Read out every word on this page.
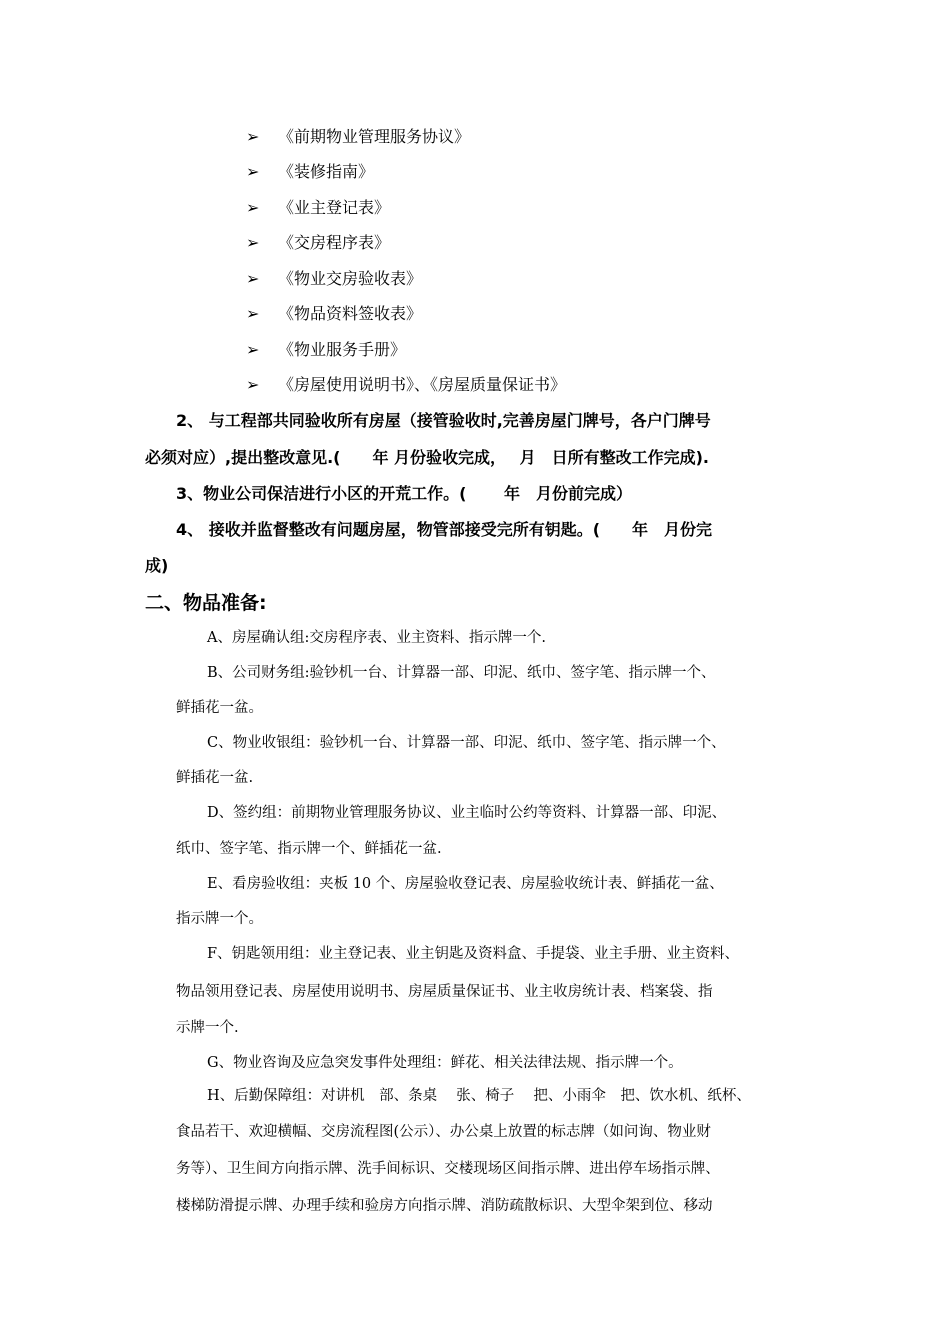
➢ 《前期物业管理服务协议》
➢ 《装修指南》
➢ 《业主登记表》
➢ 《交房程序表》
➢ 《物业交房验收表》
➢ 《物品资料签收表》
➢ 《物业服务手册》
➢ 《房屋使用说明书》、《房屋质量保证书》
2、 与工程部共同验收所有房屋（接管验收时,完善房屋门牌号，各户门牌号
必须对应）,提出整改意见.(　　年 月份验收完成，　 月　日所有整改工作完成).
3、物业公司保洁进行小区的开荒工作。(　　 年　月份前完成）
4、 接收并监督整改有问题房屋，物管部接受完所有钥匙。(　　年　月份完
成)
二、物品准备:
A、房屋确认组:交房程序表、业主资料、指示牌一个.
B、公司财务组:验钞机一台、计算器一部、印泥、纸巾、签字笔、指示牌一个、
鲜插花一盆。
C、物业收银组：验钞机一台、计算器一部、印泥、纸巾、签字笔、指示牌一个、
鲜插花一盆.
D、签约组：前期物业管理服务协议、业主临时公约等资料、计算器一部、印泥、
纸巾、签字笔、指示牌一个、鲜插花一盆.
E、看房验收组：夹板 10 个、房屋验收登记表、房屋验收统计表、鲜插花一盆、
指示牌一个。
F、钥匙领用组：业主登记表、业主钥匙及资料盒、手提袋、业主手册、业主资料、
物品领用登记表、房屋使用说明书、房屋质量保证书、业主收房统计表、档案袋、指
示牌一个.
G、物业咨询及应急突发事件处理组：鲜花、相关法律法规、指示牌一个。
H、后勤保障组：对讲机　部、条桌　 张、椅子　 把、小雨伞　把、饮水机、纸杯、
食品若干、欢迎横幅、交房流程图(公示）、办公桌上放置的标志牌（如问询、物业财
务等）、卫生间方向指示牌、洗手间标识、交楼现场区间指示牌、进出停车场指示牌、
楼梯防滑提示牌、办理手续和验房方向指示牌、消防疏散标识、大型伞架到位、移动
